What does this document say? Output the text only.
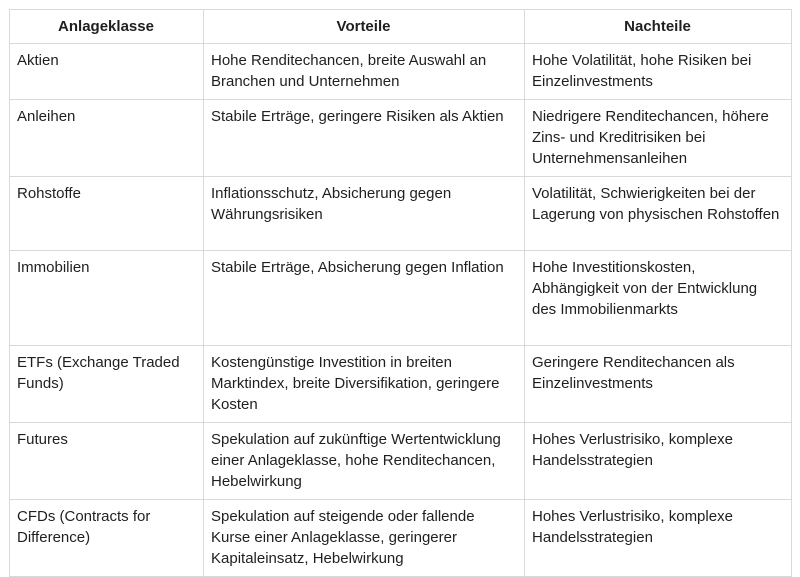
Anlageklasse	Vorteile	Nachteile
Aktien	Hohe Renditechancen, breite Auswahl an Branchen und Unternehmen	Hohe Volatilität, hohe Risiken bei Einzelinvestments
Anleihen	Stabile Erträge, geringere Risiken als Aktien	Niedrigere Renditechancen, höhere Zins- und Kreditrisiken bei Unternehmensanleihen
Rohstoffe	Inflationsschutz, Absicherung gegen Währungsrisiken	Volatilität, Schwierigkeiten bei der Lagerung von physischen Rohstoffen
Immobilien	Stabile Erträge, Absicherung gegen Inflation	Hohe Investitionskosten, Abhängigkeit von der Entwicklung des Immobilienmarkts
ETFs (Exchange Traded Funds)	Kostengünstige Investition in breiten Marktindex, breite Diversifikation, geringere Kosten	Geringere Renditechancen als Einzelinvestments
Futures	Spekulation auf zukünftige Wertentwicklung einer Anlageklasse, hohe Renditechancen, Hebelwirkung	Hohes Verlustrisiko, komplexe Handelsstrategien
CFDs (Contracts for Difference)	Spekulation auf steigende oder fallende Kurse einer Anlageklasse, geringerer Kapitaleinsatz, Hebelwirkung	Hohes Verlustrisiko, komplexe Handelsstrategien
